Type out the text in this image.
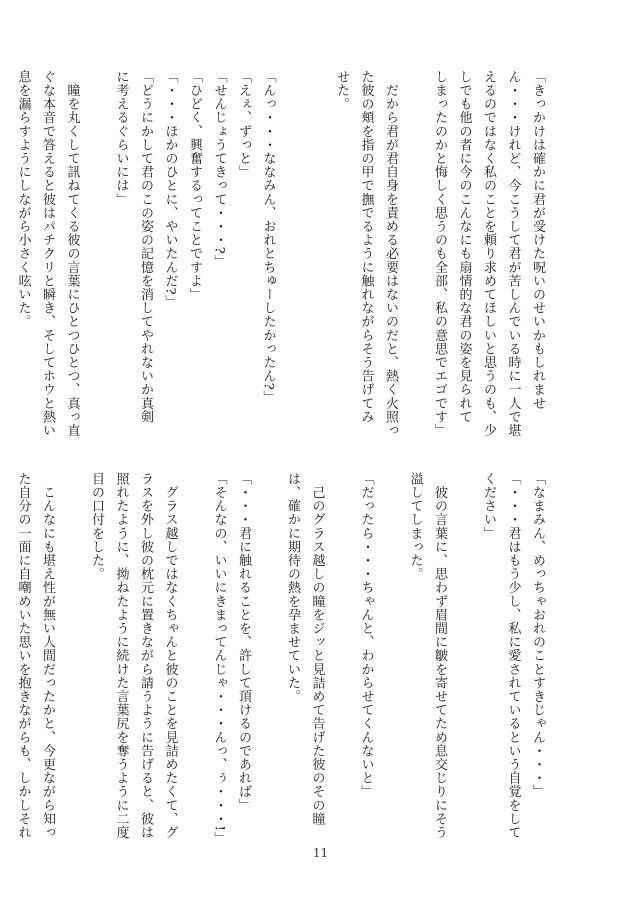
「きっかけは確かに君が受けた呪いのせいかもしれませ

ん・・・けれど、今こうして君が苦しんでいる時に一人で堪

えるのではなく私のことを頼り求めてほしいと思うのも、少

しでも他の者に今のこんなにも扇情的な君の姿を見られて

しまったのかと悔しく思うのも全部、私の意思でエゴです」

　だから君が君自身を責める必要はないのだと、熱く火照っ

た彼の頬を指の甲で撫でるように触れながらそう告げてみ

せた。

「んっ・・・ななみん、おれとちゅーしたかったん?」

「えぇ、ずっと」

「せんじょうてきって・・・?」

「ひどく、興奮するってことですよ」

「・・・ほかのひとに、やいたんだ?」

「どうにかして君のこの姿の記憶を消してやれないか真剣

に考えるぐらいには」

　瞳を丸くして訊ねてくる彼の言葉にひとつひとつ、真っ直

ぐな本音で答えると彼はパチクリと瞬き、そしてホウと熱い

息を漏らすようにしながら小さく呟いた。

「なまみん、めっちゃおれのことすきじゃん・・・」

「・・・君はもう少し、私に愛されているという自覚をして

ください」

　彼の言葉に、思わず眉間に皺を寄せてため息交じりにそう

溢してしまった。

「だったら・・・ちゃんと、わからせてくんないと」

　己のグラス越しの瞳をジッと見詰めて告げた彼のその瞳

は、確かに期待の熱を孕ませていた。

「・・・君に触れることを、許して頂けるのであれば」

「そんなの、いいにきまってんじゃ・・・んっ、ぅ・・・!」

　グラス越しではなくちゃんと彼のことを見詰めたくて、グ

ラスを外し彼の枕元に置きながら請うように告げると、彼は

照れたように、拗ねたように続けた言葉尻を奪うように二度

目の口付をした。

　こんなにも堪え性が無い人間だったかと、今更ながら知っ

た自分の一面に自嘲めいた思いを抱きながらも、しかしそれ

11
